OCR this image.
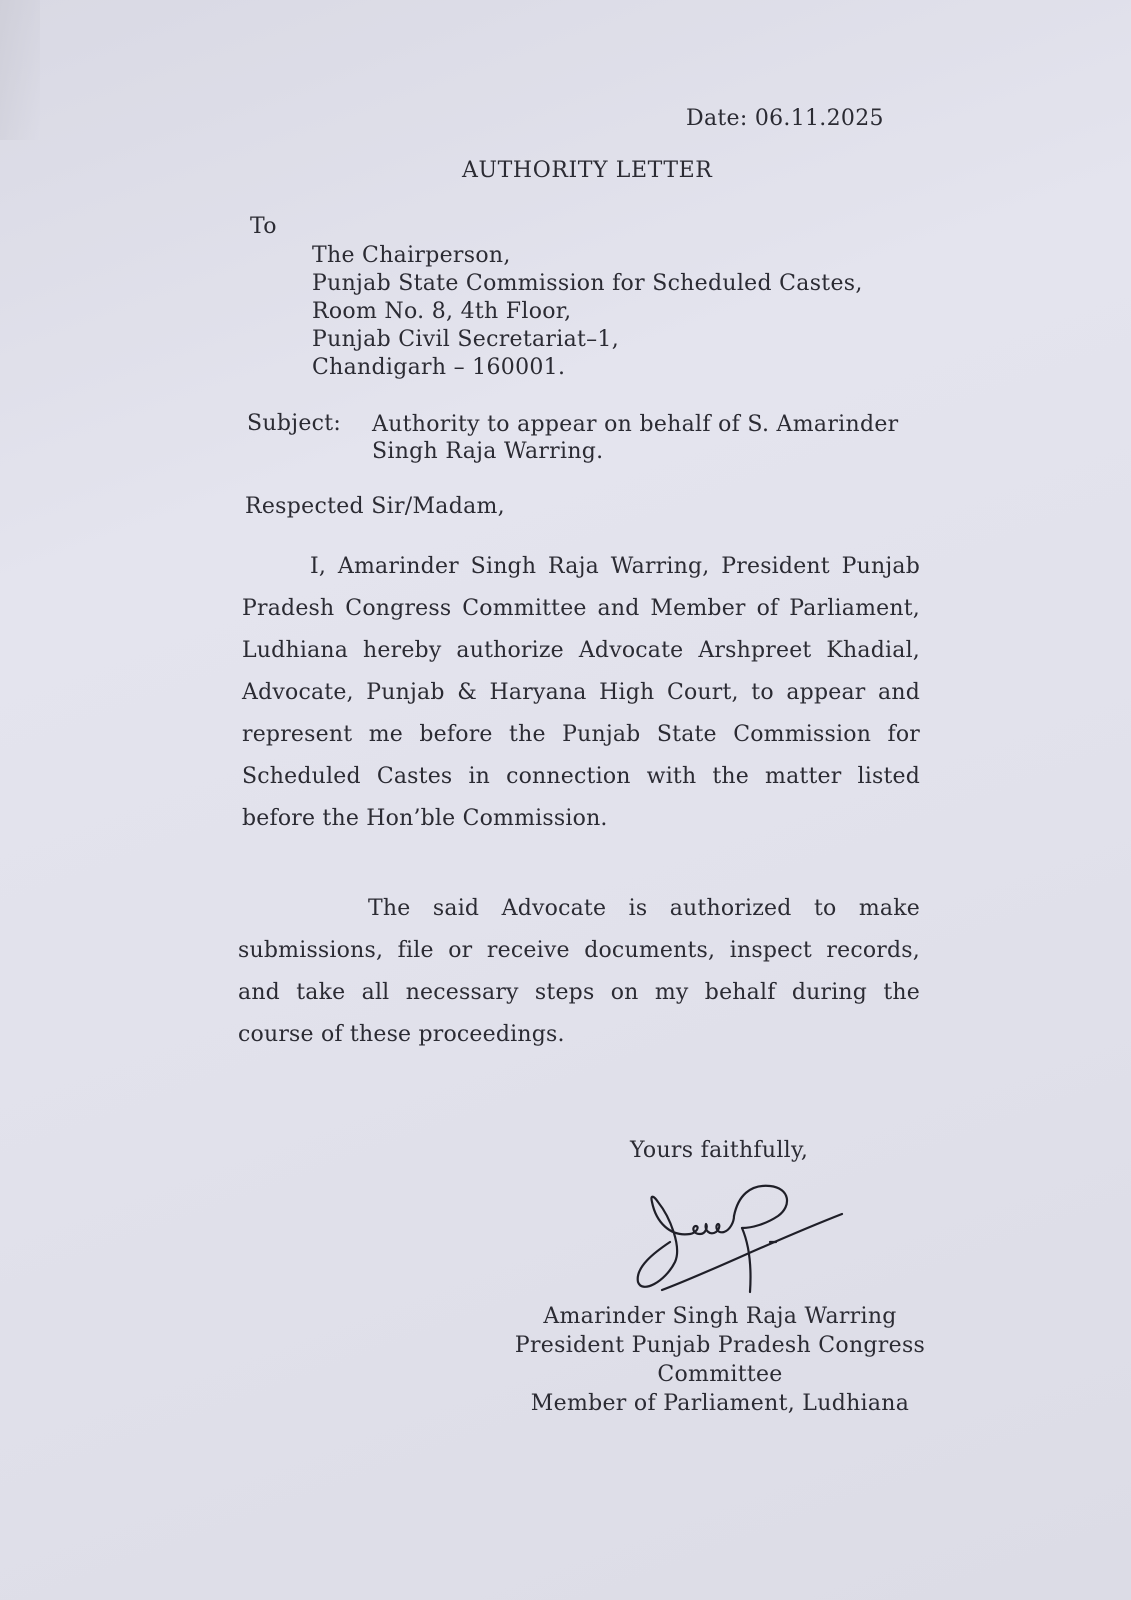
Date: 06.11.2025
AUTHORITY LETTER
To
The Chairperson,
Punjab State Commission for Scheduled Castes,
Room No. 8, 4th Floor,
Punjab Civil Secretariat–1,
Chandigarh – 160001.
Subject: Authority to appear on behalf of S. Amarinder
Singh Raja Warring.
Respected Sir/Madam,
I, Amarinder Singh Raja Warring, President Punjab Pradesh Congress Committee and Member of Parliament, Ludhiana hereby authorize Advocate Arshpreet Khadial, Advocate, Punjab & Haryana High Court, to appear and represent me before the Punjab State Commission for Scheduled Castes in connection with the matter listed before the Hon’ble Commission.
The said Advocate is authorized to make submissions, file or receive documents, inspect records, and take all necessary steps on my behalf during the course of these proceedings.
Yours faithfully,
Amarinder Singh Raja Warring
President Punjab Pradesh Congress
Committee
Member of Parliament, Ludhiana
